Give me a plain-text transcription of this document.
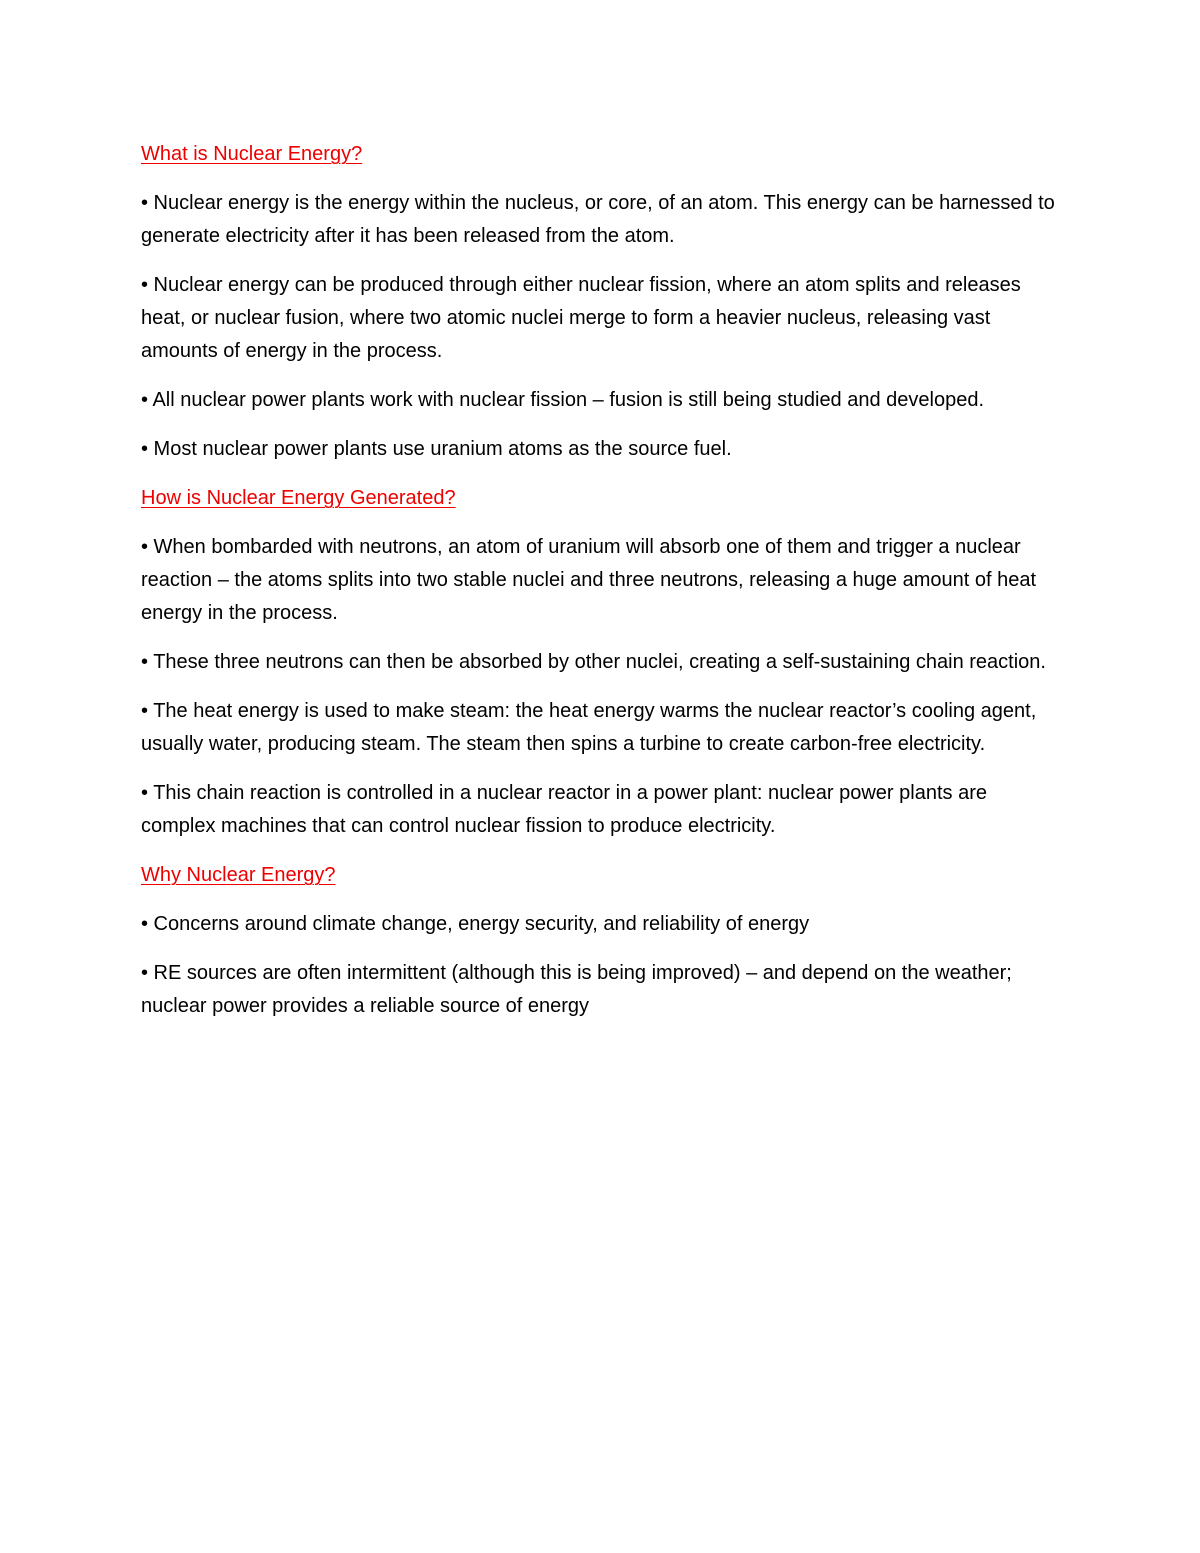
What is Nuclear Energy?

• Nuclear energy is the energy within the nucleus, or core, of an atom. This energy can be harnessed to generate electricity after it has been released from the atom.

• Nuclear energy can be produced through either nuclear fission, where an atom splits and releases heat, or nuclear fusion, where two atomic nuclei merge to form a heavier nucleus, releasing vast amounts of energy in the process.

• All nuclear power plants work with nuclear fission – fusion is still being studied and developed.

• Most nuclear power plants use uranium atoms as the source fuel.

How is Nuclear Energy Generated?

• When bombarded with neutrons, an atom of uranium will absorb one of them and trigger a nuclear reaction – the atoms splits into two stable nuclei and three neutrons, releasing a huge amount of heat energy in the process.

• These three neutrons can then be absorbed by other nuclei, creating a self-sustaining chain reaction.

• The heat energy is used to make steam: the heat energy warms the nuclear reactor’s cooling agent, usually water, producing steam. The steam then spins a turbine to create carbon-free electricity.

• This chain reaction is controlled in a nuclear reactor in a power plant: nuclear power plants are complex machines that can control nuclear fission to produce electricity.

Why Nuclear Energy?

• Concerns around climate change, energy security, and reliability of energy

• RE sources are often intermittent (although this is being improved) – and depend on the weather; nuclear power provides a reliable source of energy
